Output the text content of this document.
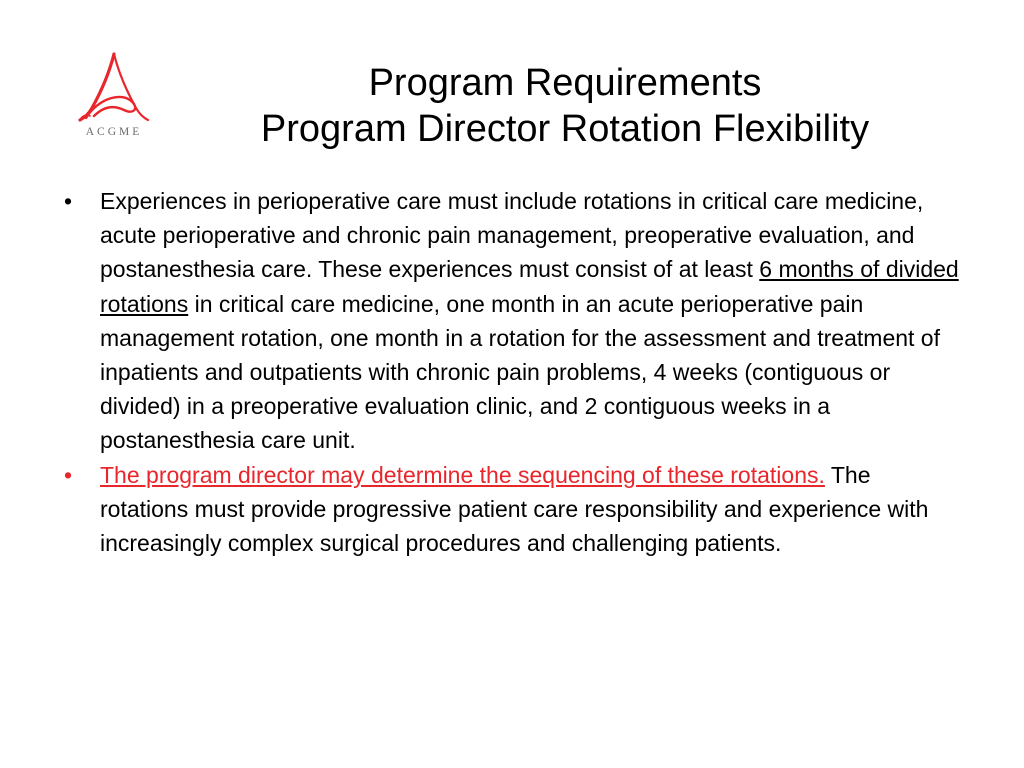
ACGME
Program Requirements
Program Director Rotation Flexibility
•	Experiences in perioperative care must include rotations in critical care medicine, acute perioperative and chronic pain management, preoperative evaluation, and postanesthesia care. These experiences must consist of at least 6 months of divided rotations in critical care medicine, one month in an acute perioperative pain management rotation, one month in a rotation for the assessment and treatment of inpatients and outpatients with chronic pain problems, 4 weeks (contiguous or divided) in a preoperative evaluation clinic, and 2 contiguous weeks in a postanesthesia care unit.
•	The program director may determine the sequencing of these rotations. The rotations must provide progressive patient care responsibility and experience with increasingly complex surgical procedures and challenging patients.
